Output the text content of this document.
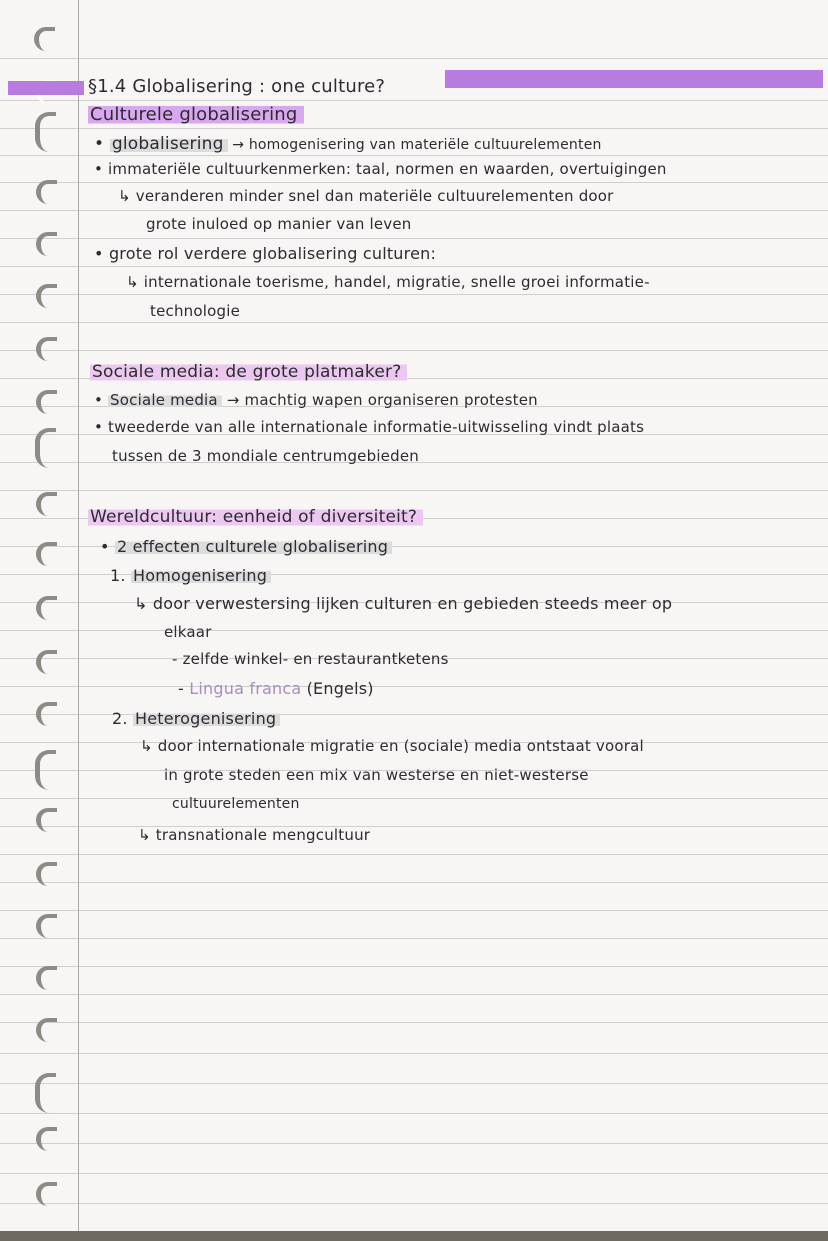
§1.4 Globalisering : one culture?
Culturele globalisering
• globalisering → homogenisering van materiële cultuurelementen
• immateriële cultuurkenmerken: taal, normen en waarden, overtuigingen
↳ veranderen minder snel dan materiële cultuurelementen door
grote inuloed op manier van leven
• grote rol verdere globalisering culturen:
↳ internationale toerisme, handel, migratie, snelle groei informatie-
technologie
Sociale media: de grote platmaker?
• Sociale media → machtig wapen organiseren protesten
• tweederde van alle internationale informatie-uitwisseling vindt plaats
tussen de 3 mondiale centrumgebieden
Wereldcultuur: eenheid of diversiteit?
• 2 effecten culturele globalisering
1. Homogenisering
↳ door verwestersing lijken culturen en gebieden steeds meer op
elkaar
- zelfde winkel- en restaurantketens
- Lingua franca (Engels)
2. Heterogenisering
↳ door internationale migratie en (sociale) media ontstaat vooral
in grote steden een mix van westerse en niet-westerse
cultuurelementen
↳ transnationale mengcultuur
